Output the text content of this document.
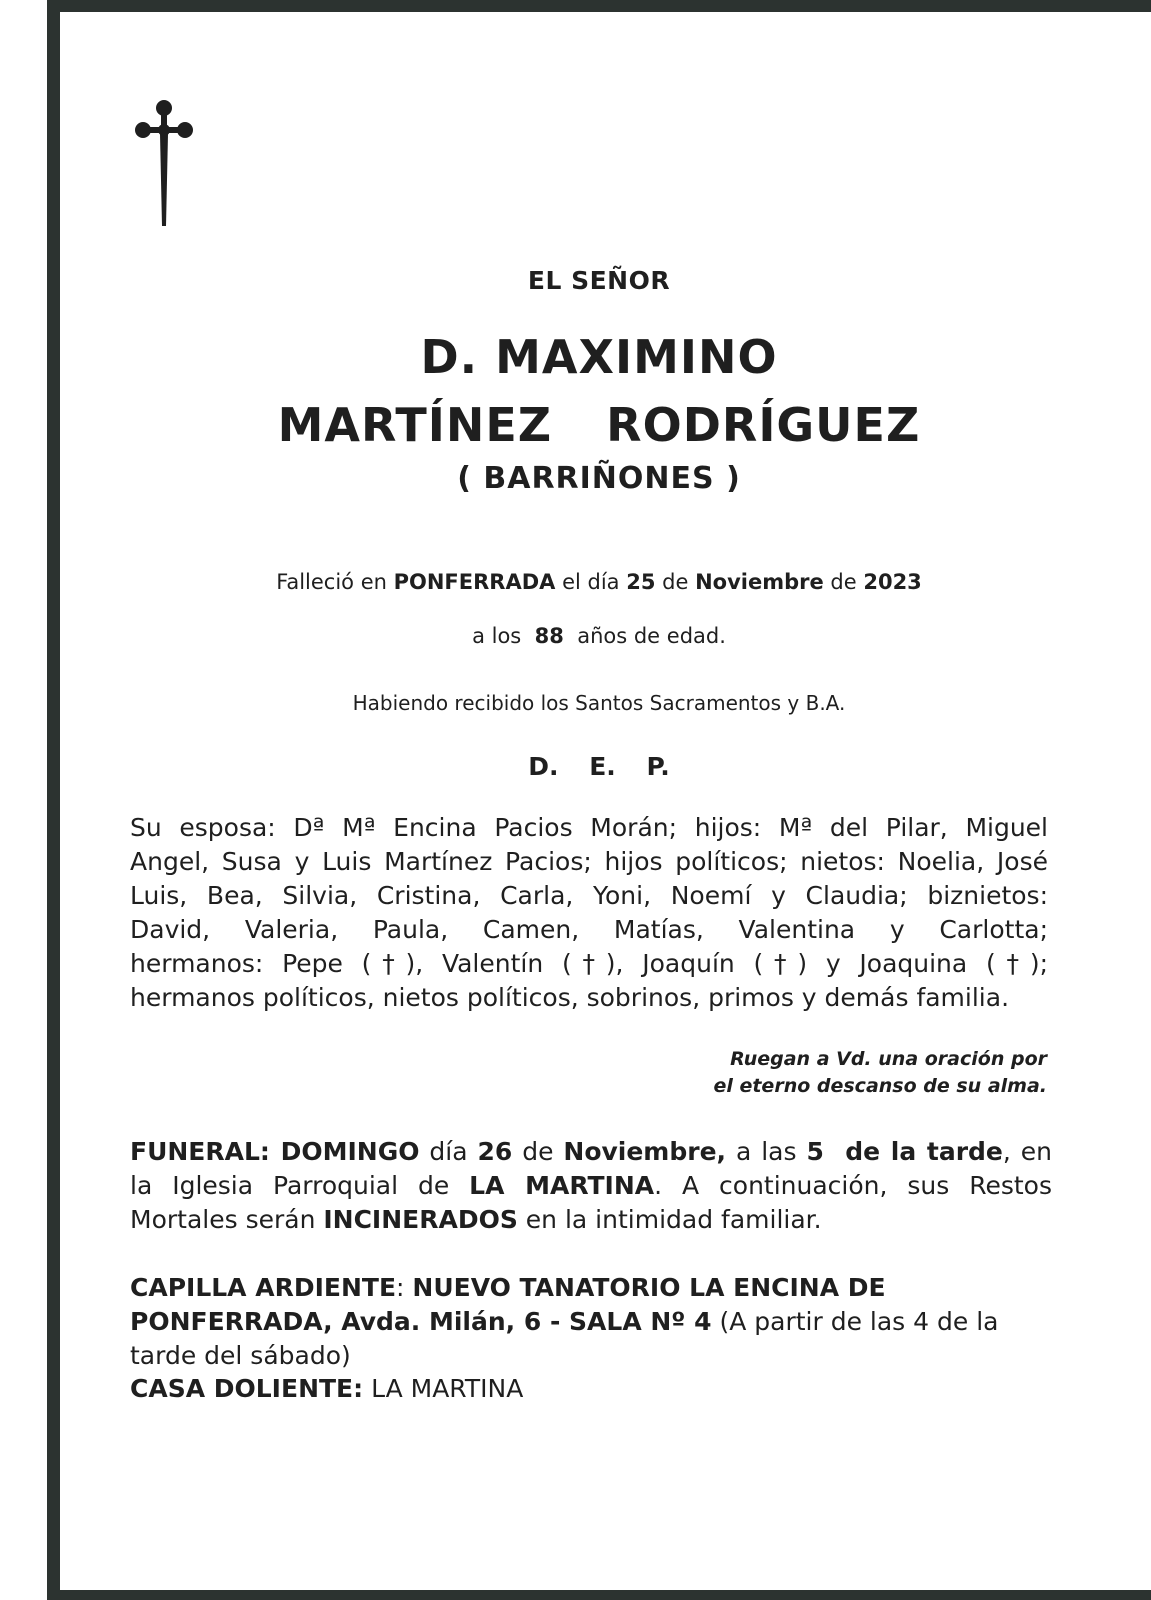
EL SEÑOR
D. MAXIMINO
MARTÍNEZ  RODRÍGUEZ
( BARRIÑONES )
Falleció en PONFERRADA el día 25 de Noviembre de 2023
a los  88  años de edad.
Habiendo recibido los Santos Sacramentos y B.A.
D. E. P.
Su esposa: Dª Mª Encina Pacios Morán; hijos: Mª del Pilar, Miguel
Angel, Susa y Luis Martínez Pacios; hijos políticos; nietos: Noelia, José
Luis, Bea, Silvia, Cristina, Carla, Yoni, Noemí y Claudia; biznietos:
David, Valeria, Paula, Camen, Matías, Valentina y Carlotta;
hermanos: Pepe (†), Valentín (†), Joaquín (†) y Joaquina (†);
hermanos políticos, nietos políticos, sobrinos, primos y demás familia.
Ruegan a Vd. una oración por
el eterno descanso de su alma.
FUNERAL: DOMINGO día 26 de Noviembre, a las 5  de la tarde, en la Iglesia Parroquial de LA MARTINA. A continuación, sus Restos Mortales serán INCINERADOS en la intimidad familiar.
CAPILLA ARDIENTE: NUEVO TANATORIO LA ENCINA DE PONFERRADA, Avda. Milán, 6 - SALA Nº 4 (A partir de las 4 de la tarde del sábado)
CASA DOLIENTE: LA MARTINA
